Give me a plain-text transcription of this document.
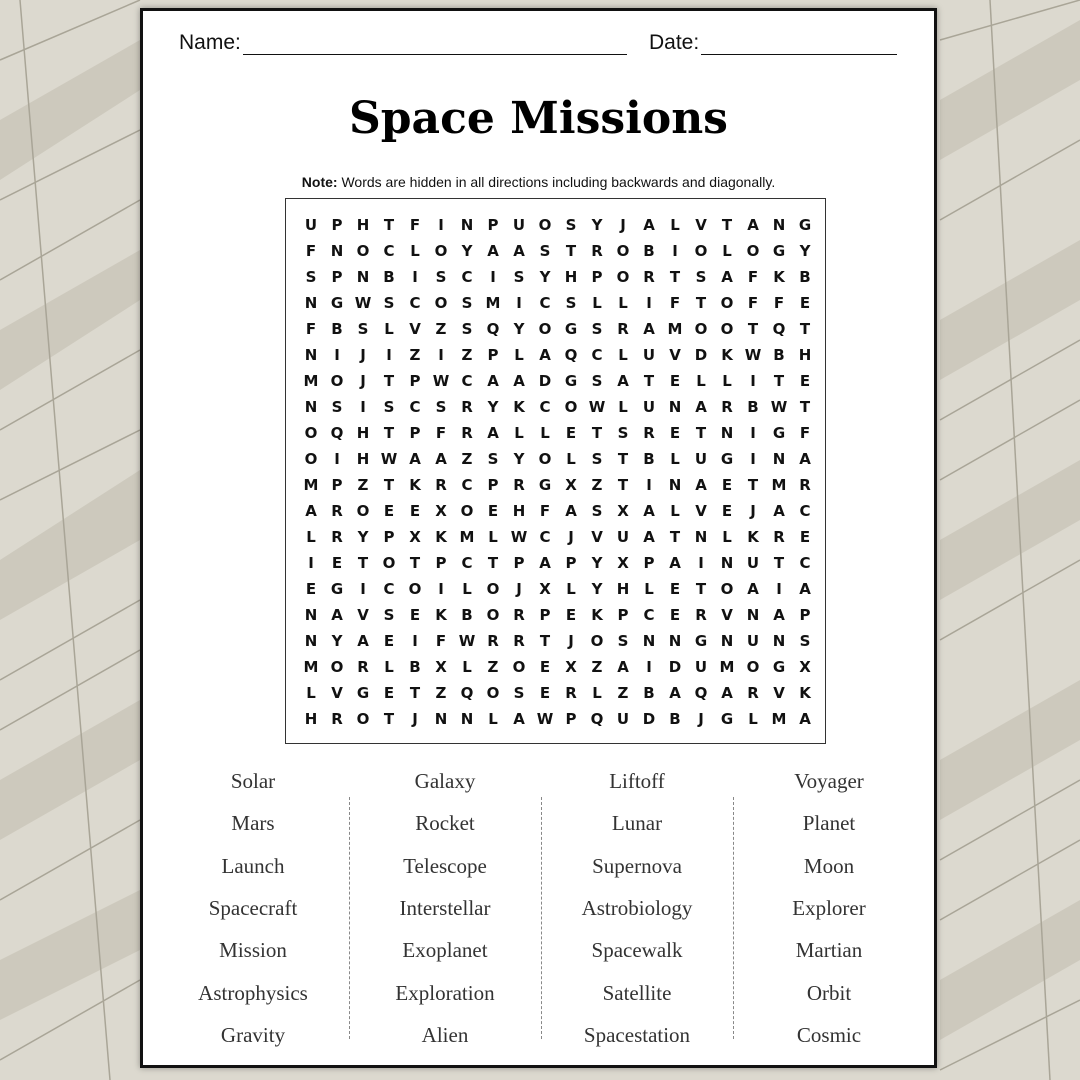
Name:	Date:
Space Missions
Note: Words are hidden in all directions including backwards and diagonally.
U P H T	F	I	N P U O S	Y	J	A	L	V	T	A N G
F N O C	L O Y A A S	T	R O B	I	O L O G Y
S	P N B	I	S	C	I	S	Y H P O R	T	S A	F	K B
N G W S	C O S M	I	C	S	L	L	I	F	T O F	F	E
F	B S	L	V Z	S Q Y O G S R A M O O T Q T
N	I	J	I	Z	I	Z	P	L	A Q C	L	U V D K W B H
M O	J	T	P W C A A D G S A	T	E	L	L	I	T	E
N S	I	S	C	S R Y K C O W L	U N A R B W T
O Q H T	P	F	R A	L	L	E	T	S R	E	T N	I	G F
O	I	H W A A Z	S	Y O L	S	T	B	L	U G	I	N A
M P	Z	T	K R C	P R G X Z	T	I	N A	E	T M R
A R O E	E	X O E H F	A S X A	L	V	E	J	A C
L	R Y	P X K M L W C	J	V U A	T N L	K R	E
I	E	T O T	P C	T	P A P	Y X P A	I	N U T	C
E G	I	C O	I	L O	J	X	L	Y H L	E	T O A	I	A
N A V S	E	K B O R P	E	K P C	E	R V N A P
N Y A	E	I	F W R R	T	J	O S N N G N U N S
M O R	L	B X	L	Z O E	X Z A	I	D U M O G X
L	V G E	T	Z Q O S	E	R	L	Z B A Q A R V K
H R O T	J	N N L	A W P Q U D B	J	G	L M A
Solar
Mars
Launch
Spacecraft
Mission
Astrophysics
Gravity
Galaxy
Rocket
Telescope
Interstellar
Exoplanet
Exploration
Alien
Liftoff
Lunar
Supernova
Astrobiology
Spacewalk
Satellite
Spacestation
Voyager
Planet
Moon
Explorer
Martian
Orbit
Cosmic
